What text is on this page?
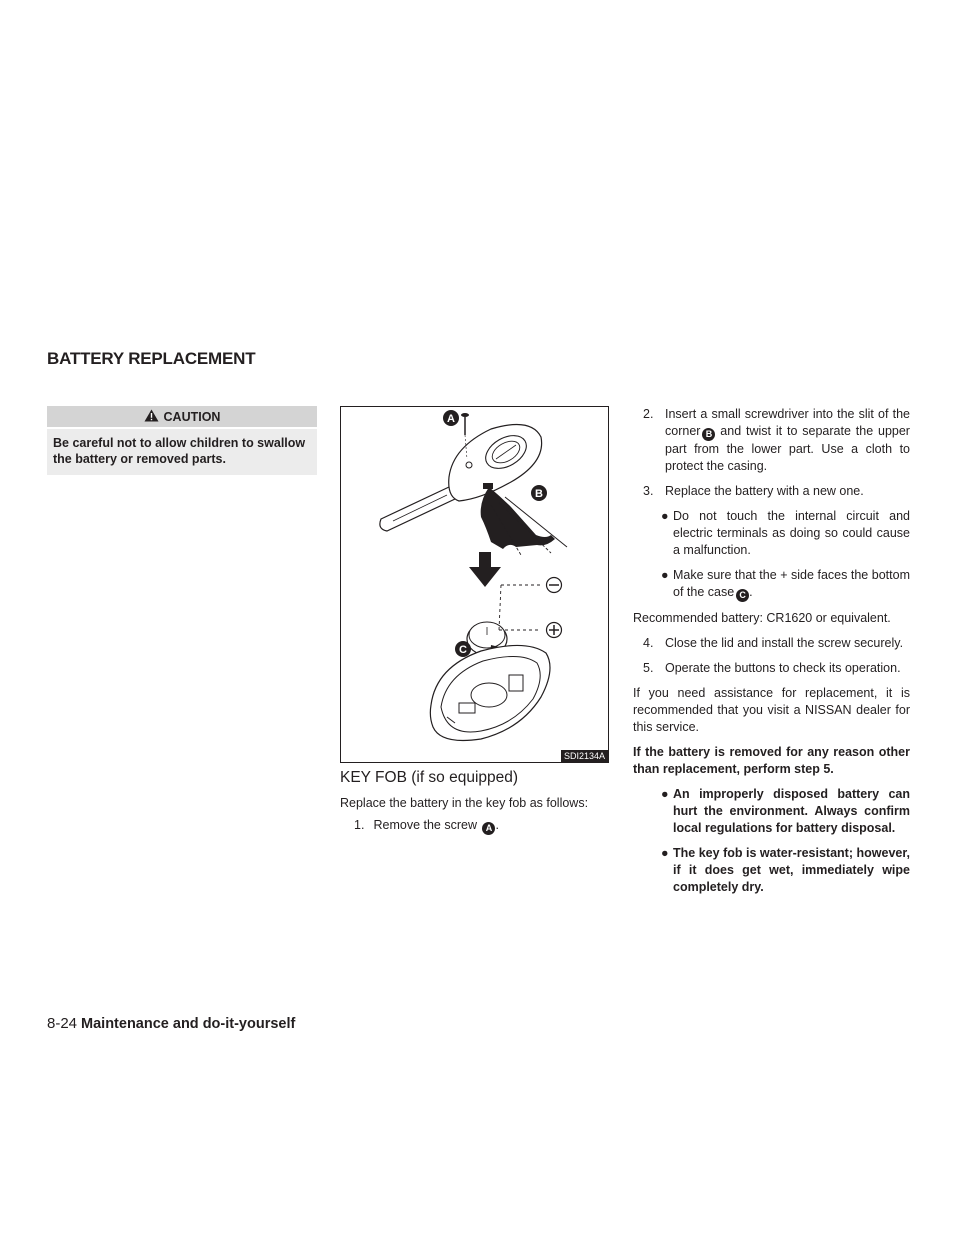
BATTERY REPLACEMENT
CAUTION
Be careful not to allow children to swallow the battery or removed parts.
A
B
C
SDI2134A
KEY FOB (if so equipped)

Replace the battery in the key fob as follows:

1. Remove the screw A .

2. Insert a small screwdriver into the slit of the corner B and twist it to separate the upper part from the lower part. Use a cloth to protect the casing.
3. Replace the battery with a new one.
● Do not touch the internal circuit and electric terminals as doing so could cause a malfunction.
● Make sure that the + side faces the bottom of the case C .

Recommended battery: CR1620 or equivalent.

4. Close the lid and install the screw securely.
5. Operate the buttons to check its operation.

If you need assistance for replacement, it is recommended that you visit a NISSAN dealer for this service.

If the battery is removed for any reason other than replacement, perform step 5.

● An improperly disposed battery can hurt the environment. Always confirm local regulations for battery disposal.
● The key fob is water-resistant; however, if it does get wet, immediately wipe completely dry.
8-24 Maintenance and do-it-yourself
